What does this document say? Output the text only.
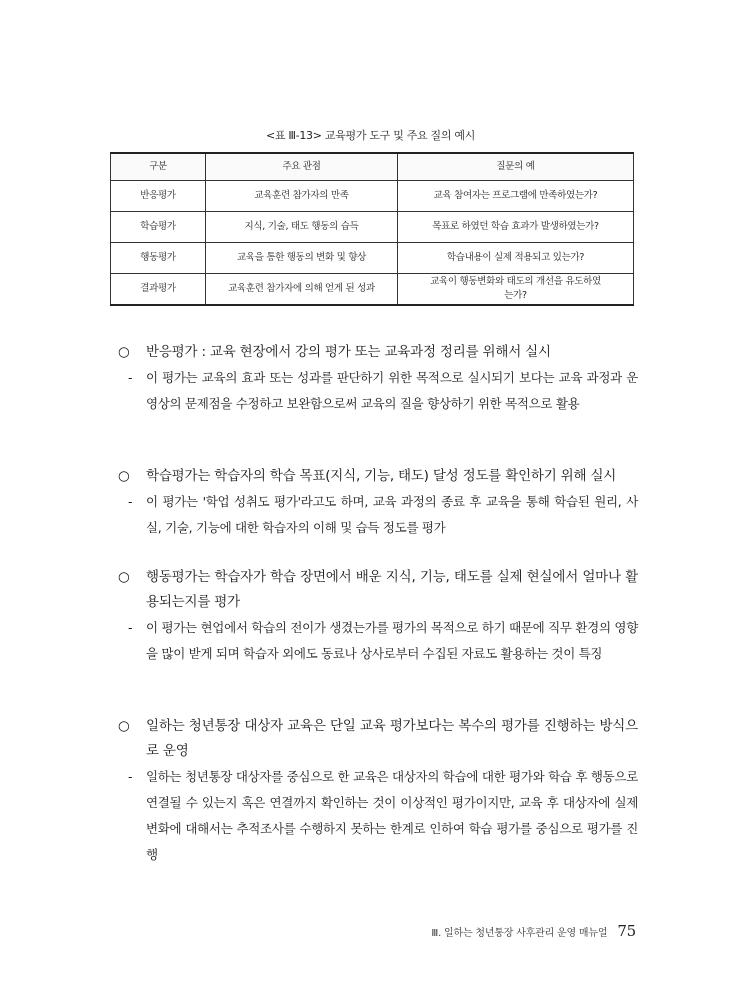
<표 Ⅲ-13> 교육평가 도구 및 주요 질의 예시
구분	주요 관점	질문의 예
반응평가	교육훈련 참가자의 만족	교육 참여자는 프로그램에 만족하였는가?
학습평가	지식, 기술, 태도 행동의 습득	목표로 하였던 학습 효과가 발생하였는가?
행동평가	교육을 통한 행동의 변화 및 향상	학습내용이 실제 적용되고 있는가?
결과평가	교육훈련 참가자에 의해 얻게 된 성과	교육이 행동변화와 태도의 개선을 유도하였는가?
○ 반응평가 : 교육 현장에서 강의 평가 또는 교육과정 정리를 위해서 실시
- 이 평가는 교육의 효과 또는 성과를 판단하기 위한 목적으로 실시되기 보다는 교육 과정과 운영상의 문제점을 수정하고 보완함으로써 교육의 질을 향상하기 위한 목적으로 활용
○ 학습평가는 학습자의 학습 목표(지식, 기능, 태도) 달성 정도를 확인하기 위해 실시
- 이 평가는 '학업 성취도 평가'라고도 하며, 교육 과정의 종료 후 교육을 통해 학습된 원리, 사실, 기술, 기능에 대한 학습자의 이해 및 습득 정도를 평가
○ 행동평가는 학습자가 학습 장면에서 배운 지식, 기능, 태도를 실제 현실에서 얼마나 활용되는지를 평가
- 이 평가는 현업에서 학습의 전이가 생겼는가를 평가의 목적으로 하기 때문에 직무 환경의 영향을 많이 받게 되며 학습자 외에도 동료나 상사로부터 수집된 자료도 활용하는 것이 특징
○ 일하는 청년통장 대상자 교육은 단일 교육 평가보다는 복수의 평가를 진행하는 방식으로 운영
- 일하는 청년통장 대상자를 중심으로 한 교육은 대상자의 학습에 대한 평가와 학습 후 행동으로 연결될 수 있는지 혹은 연결까지 확인하는 것이 이상적인 평가이지만, 교육 후 대상자에 실제 변화에 대해서는 추적조사를 수행하지 못하는 한계로 인하여 학습 평가를 중심으로 평가를 진행
Ⅲ. 일하는 청년통장 사후관리 운영 매뉴얼 75
